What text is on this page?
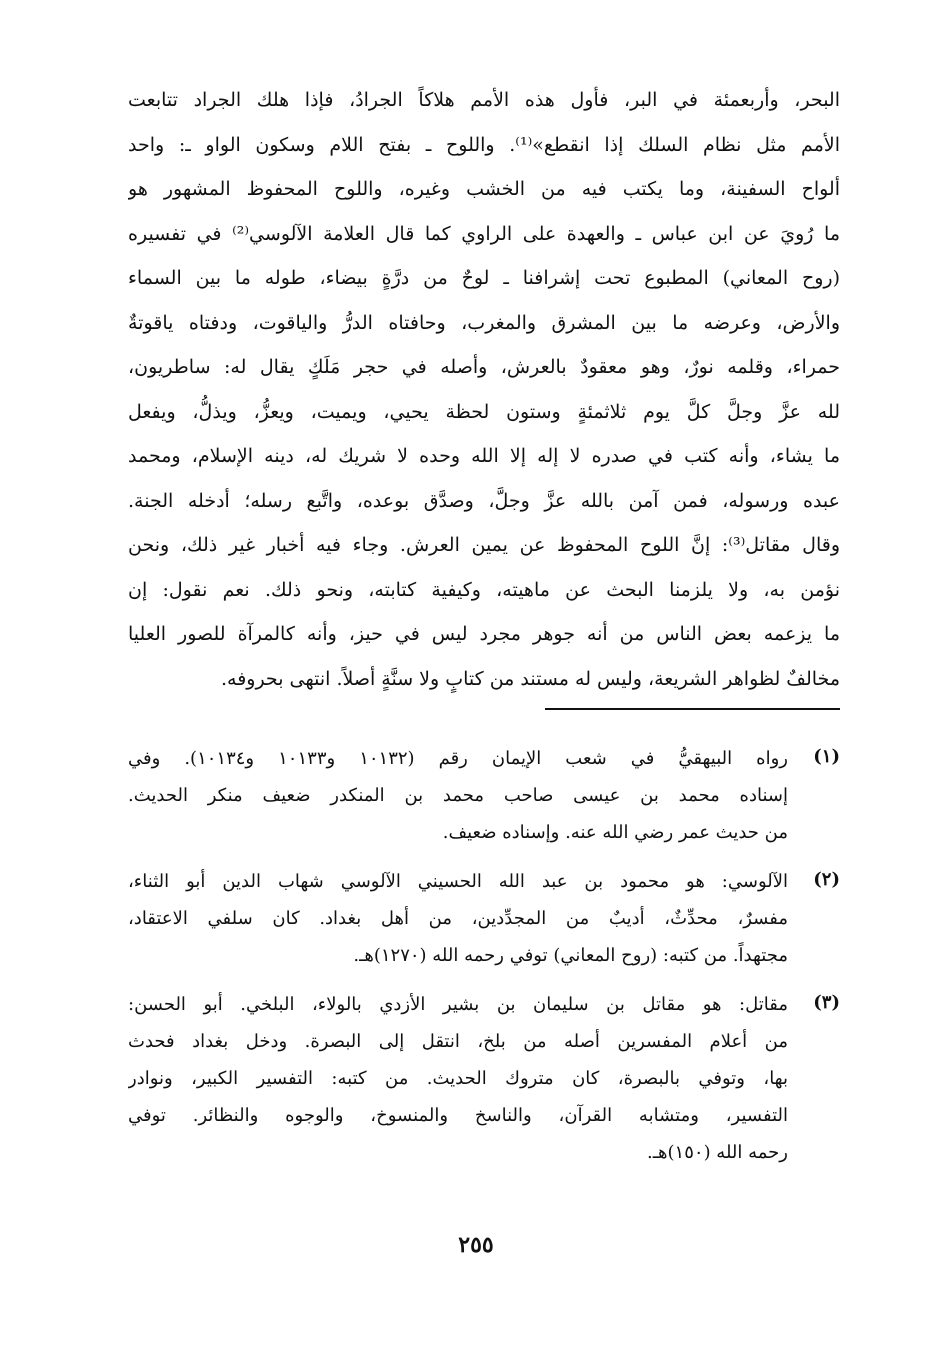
البحر، وأربعمئة في البر، فأول هذه الأمم هلاكاً الجرادُ، فإذا هلك الجراد تتابعت
الأمم مثل نظام السلك إذا انقطع»⁽¹⁾. واللوح ـ بفتح اللام وسكون الواو ـ: واحد
ألواح السفينة، وما يكتب فيه من الخشب وغيره، واللوح المحفوظ المشهور هو
ما رُويَ عن ابن عباس ـ والعهدة على الراوي كما قال العلامة الآلوسي⁽²⁾ في تفسيره
(روح المعاني) المطبوع تحت إشرافنا ـ لوحٌ من درَّةٍ بيضاء، طوله ما بين السماء
والأرض، وعرضه ما بين المشرق والمغرب، وحافتاه الدرُّ والياقوت، ودفتاه ياقوتةٌ
حمراء، وقلمه نورٌ، وهو معقودٌ بالعرش، وأصله في حجر مَلَكٍ يقال له: ساطريون،
لله عزَّ وجلَّ كلَّ يوم ثلاثمئةٍ وستون لحظة يحيي، ويميت، ويعزُّ، ويذلُّ، ويفعل
ما يشاء، وأنه كتب في صدره لا إله إلا الله وحده لا شريك له، دينه الإسلام، ومحمد
عبده ورسوله، فمن آمن بالله عزَّ وجلَّ، وصدَّق بوعده، واتَّبع رسله؛ أدخله الجنة.
وقال مقاتل⁽³⁾: إنَّ اللوح المحفوظ عن يمين العرش. وجاء فيه أخبار غير ذلك، ونحن
نؤمن به، ولا يلزمنا البحث عن ماهيته، وكيفية كتابته، ونحو ذلك. نعم نقول: إن
ما يزعمه بعض الناس من أنه جوهر مجرد ليس في حيز، وأنه كالمرآة للصور العليا
مخالفٌ لظواهر الشريعة، وليس له مستند من كتابٍ ولا سنَّةٍ أصلاً. انتهى بحروفه.
(١)
رواه البيهقيُّ في شعب الإيمان رقم (١٠١٣٢ و١٠١٣٣ و١٠١٣٤). وفي
إسناده محمد بن عيسى صاحب محمد بن المنكدر ضعيف منكر الحديث.
من حديث عمر رضي الله عنه. وإسناده ضعيف.
(٢)
الآلوسي: هو محمود بن عبد الله الحسيني الآلوسي شهاب الدين أبو الثناء،
مفسرٌ، محدِّثٌ، أديبٌ من المجدِّدين، من أهل بغداد. كان سلفي الاعتقاد،
مجتهداً. من كتبه: (روح المعاني) توفي رحمه الله (١٢٧٠)هـ.
(٣)
مقاتل: هو مقاتل بن سليمان بن بشير الأزدي بالولاء، البلخي. أبو الحسن:
من أعلام المفسرين أصله من بلخ، انتقل إلى البصرة. ودخل بغداد فحدث
بها، وتوفي بالبصرة، كان متروك الحديث. من كتبه: التفسير الكبير، ونوادر
التفسير، ومتشابه القرآن، والناسخ والمنسوخ، والوجوه والنظائر. توفي
رحمه الله (١٥٠)هـ.
٢٥٥
